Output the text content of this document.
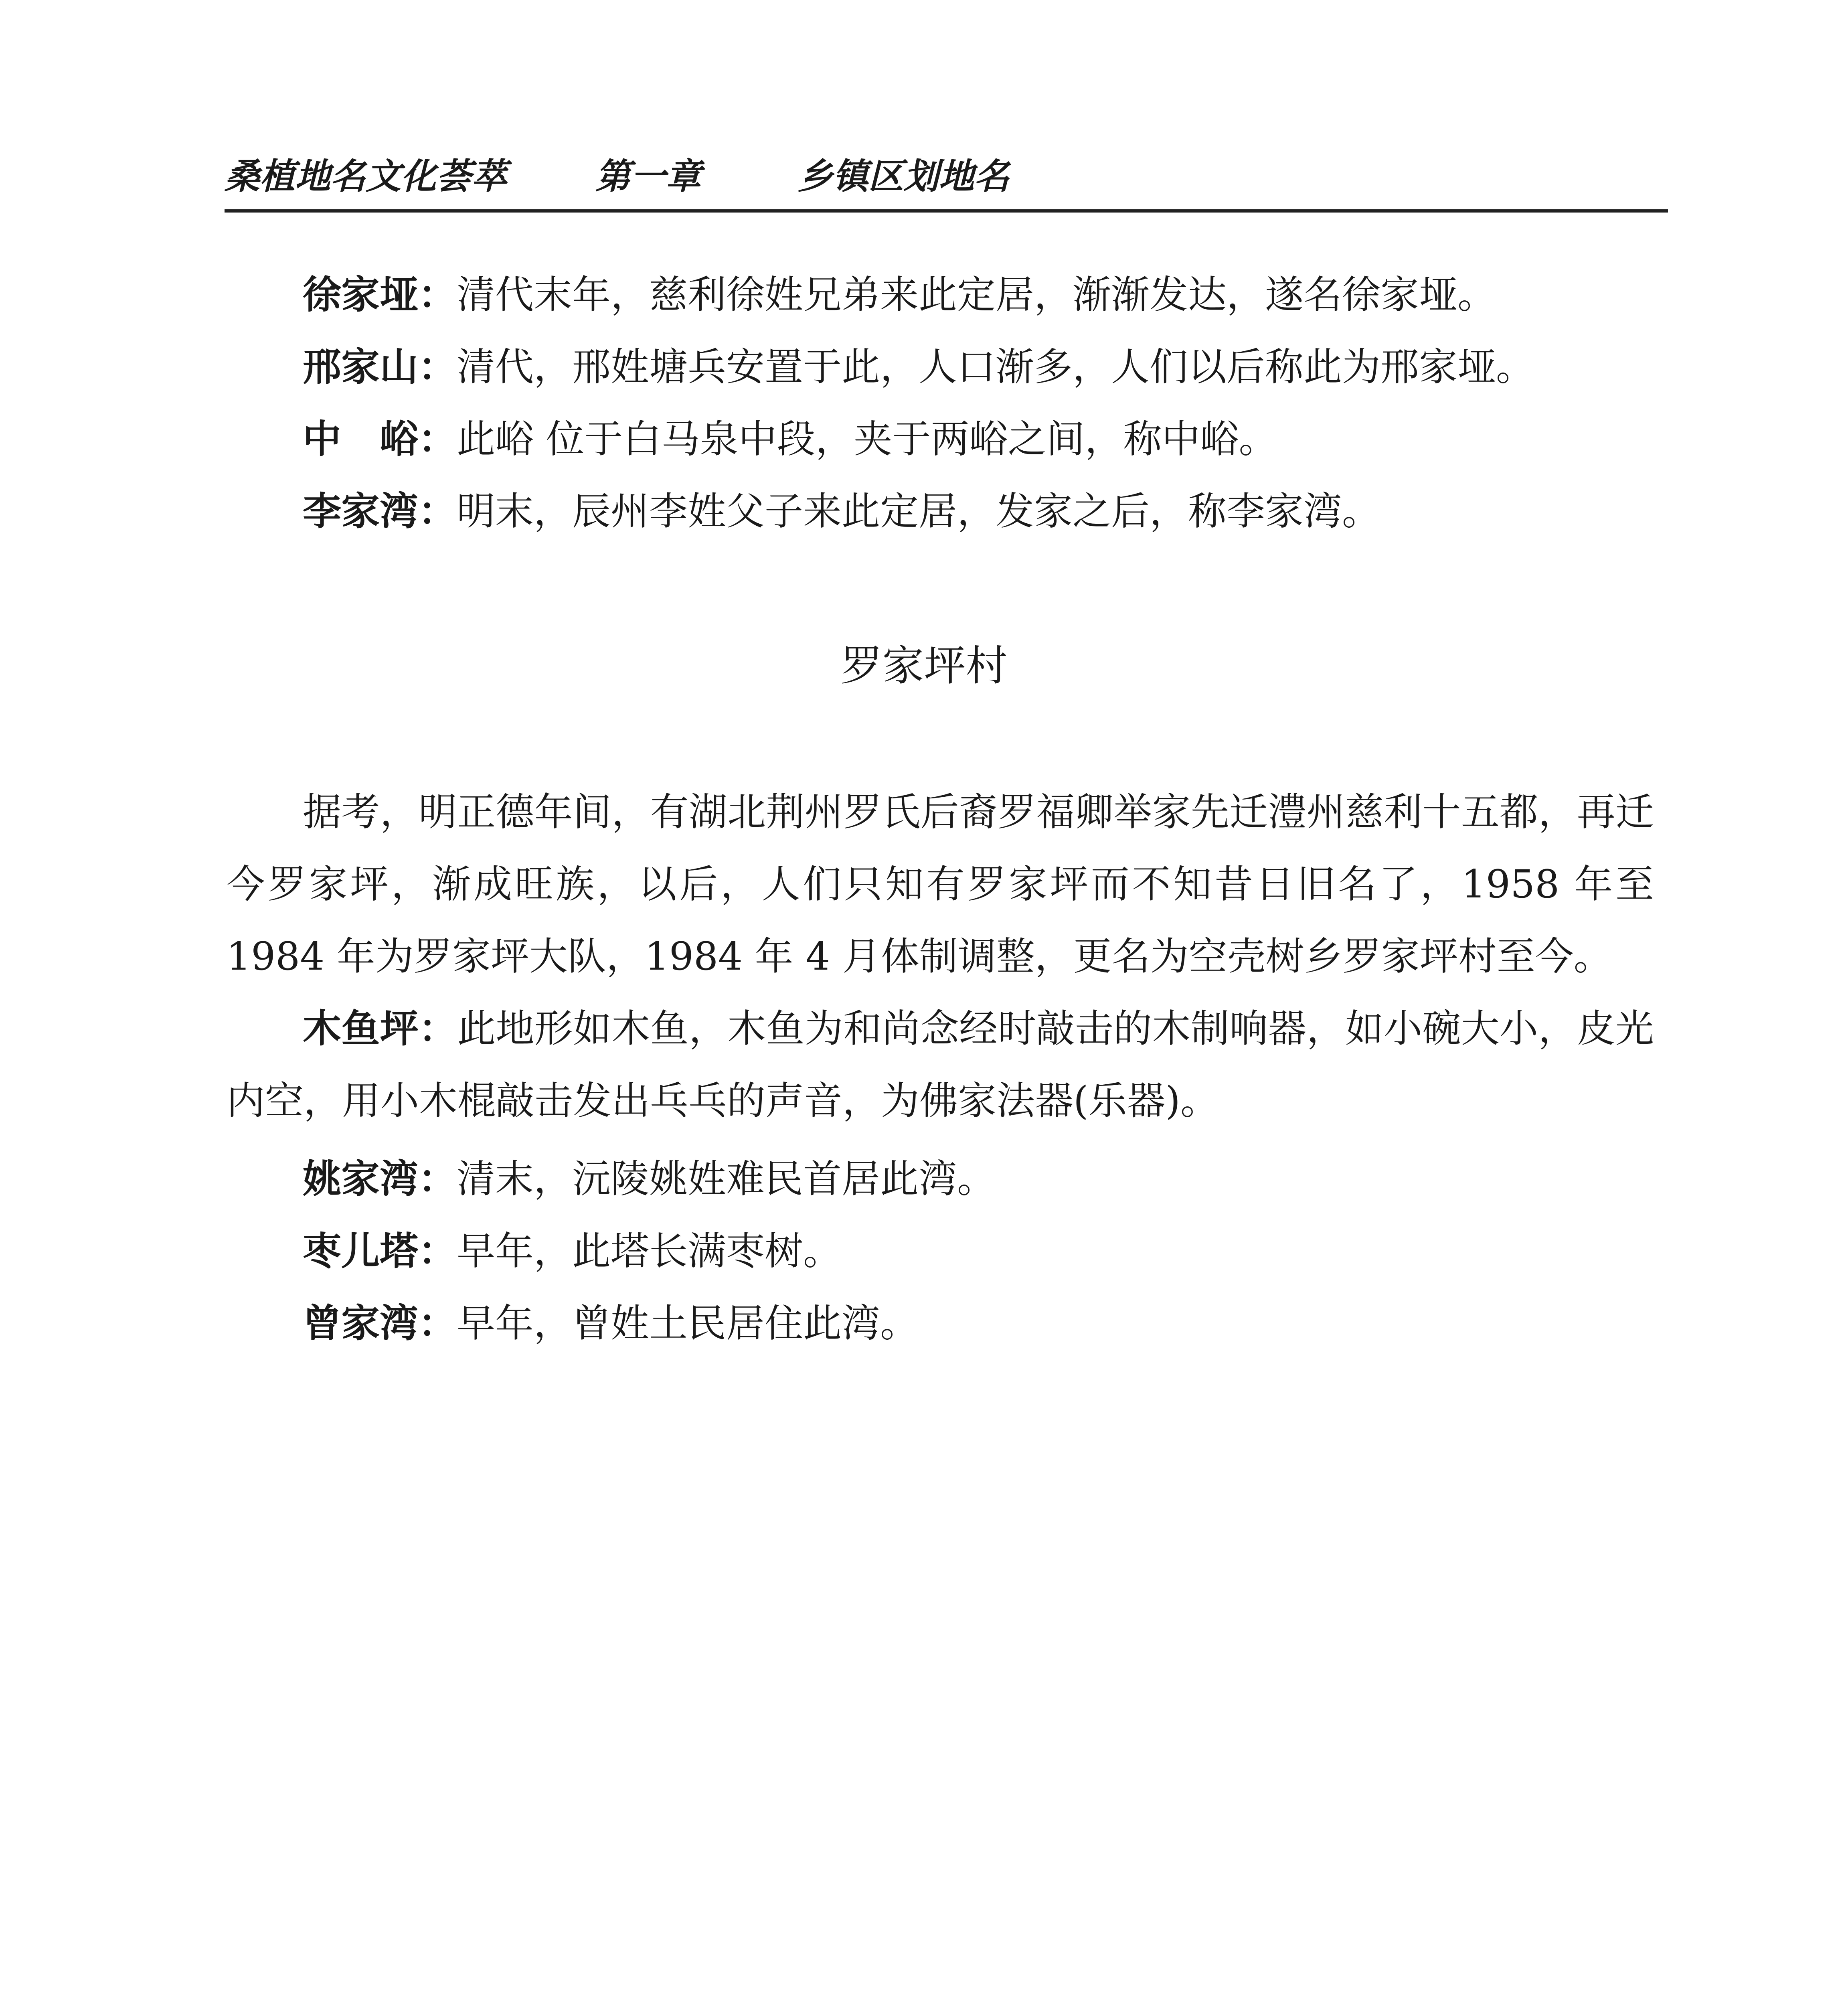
桑植地名文化荟萃	第一章	乡镇区划地名
徐家垭：清代末年，慈利徐姓兄弟来此定居，渐渐发达，遂名徐家垭。
邢家山：清代，邢姓塘兵安置于此，人口渐多，人们以后称此为邢家垭。
中　峪：此峪 位于白马泉中段，夹于两峪之间，称中峪。
李家湾：明末，辰州李姓父子来此定居，发家之后，称李家湾。
罗家坪村
据考，明正德年间，有湖北荆州罗氏后裔罗福卿举家先迁澧州慈利十五都，再迁今罗家坪，渐成旺族，以后，人们只知有罗家坪而不知昔日旧名了，1958 年至 1984 年为罗家坪大队，1984 年 4 月体制调整，更名为空壳树乡罗家坪村至今。
木鱼坪：此地形如木鱼，木鱼为和尚念经时敲击的木制响器，如小碗大小，皮光内空，用小木棍敲击发出乓乓的声音，为佛家法器(乐器)。
姚家湾：清末，沅陵姚姓难民首居此湾。
枣儿塔：早年，此塔长满枣树。
曾家湾：早年，曾姓土民居住此湾。
